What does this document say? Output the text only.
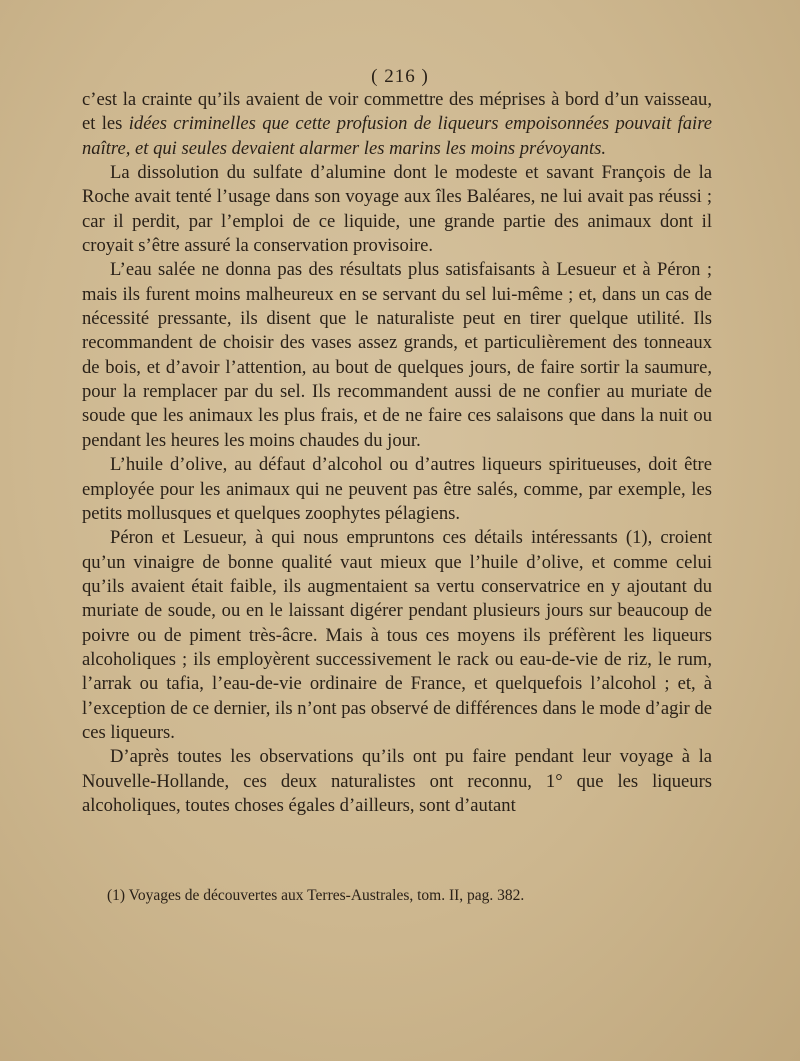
( 216 )

c’est la crainte qu’ils avaient de voir commettre des méprises à bord d’un vaisseau, et les idées criminelles que cette profusion de liqueurs empoisonnées pouvait faire naître, et qui seules devaient alarmer les marins les moins prévoyants.

La dissolution du sulfate d’alumine dont le modeste et savant François de la Roche avait tenté l’usage dans son voyage aux îles Baléares, ne lui avait pas réussi ; car il perdit, par l’emploi de ce liquide, une grande partie des animaux dont il croyait s’être assuré la conservation provisoire.

L’eau salée ne donna pas des résultats plus satisfaisants à Lesueur et à Péron ; mais ils furent moins malheureux en se servant du sel lui-même ; et, dans un cas de nécessité pressante, ils disent que le naturaliste peut en tirer quelque utilité. Ils recommandent de choisir des vases assez grands, et particulièrement des tonneaux de bois, et d’avoir l’attention, au bout de quelques jours, de faire sortir la saumure, pour la remplacer par du sel. Ils recommandent aussi de ne confier au muriate de soude que les animaux les plus frais, et de ne faire ces salaisons que dans la nuit ou pendant les heures les moins chaudes du jour.

L’huile d’olive, au défaut d’alcohol ou d’autres liqueurs spiritueuses, doit être employée pour les animaux qui ne peuvent pas être salés, comme, par exemple, les petits mollusques et quelques zoophytes pélagiens.

Péron et Lesueur, à qui nous empruntons ces détails intéressants (1), croient qu’un vinaigre de bonne qualité vaut mieux que l’huile d’olive, et comme celui qu’ils avaient était faible, ils augmentaient sa vertu conservatrice en y ajoutant du muriate de soude, ou en le laissant digérer pendant plusieurs jours sur beaucoup de poivre ou de piment très-âcre. Mais à tous ces moyens ils préfèrent les liqueurs alcoholiques ; ils employèrent successivement le rack ou eau-de-vie de riz, le rum, l’arrak ou tafia, l’eau-de-vie ordinaire de France, et quelquefois l’alcohol ; et, à l’exception de ce dernier, ils n’ont pas observé de différences dans le mode d’agir de ces liqueurs.

D’après toutes les observations qu’ils ont pu faire pendant leur voyage à la Nouvelle-Hollande, ces deux naturalistes ont reconnu, 1° que les liqueurs alcoholiques, toutes choses égales d’ailleurs, sont d’autant

(1) Voyages de découvertes aux Terres-Australes, tom. II, pag. 382.
